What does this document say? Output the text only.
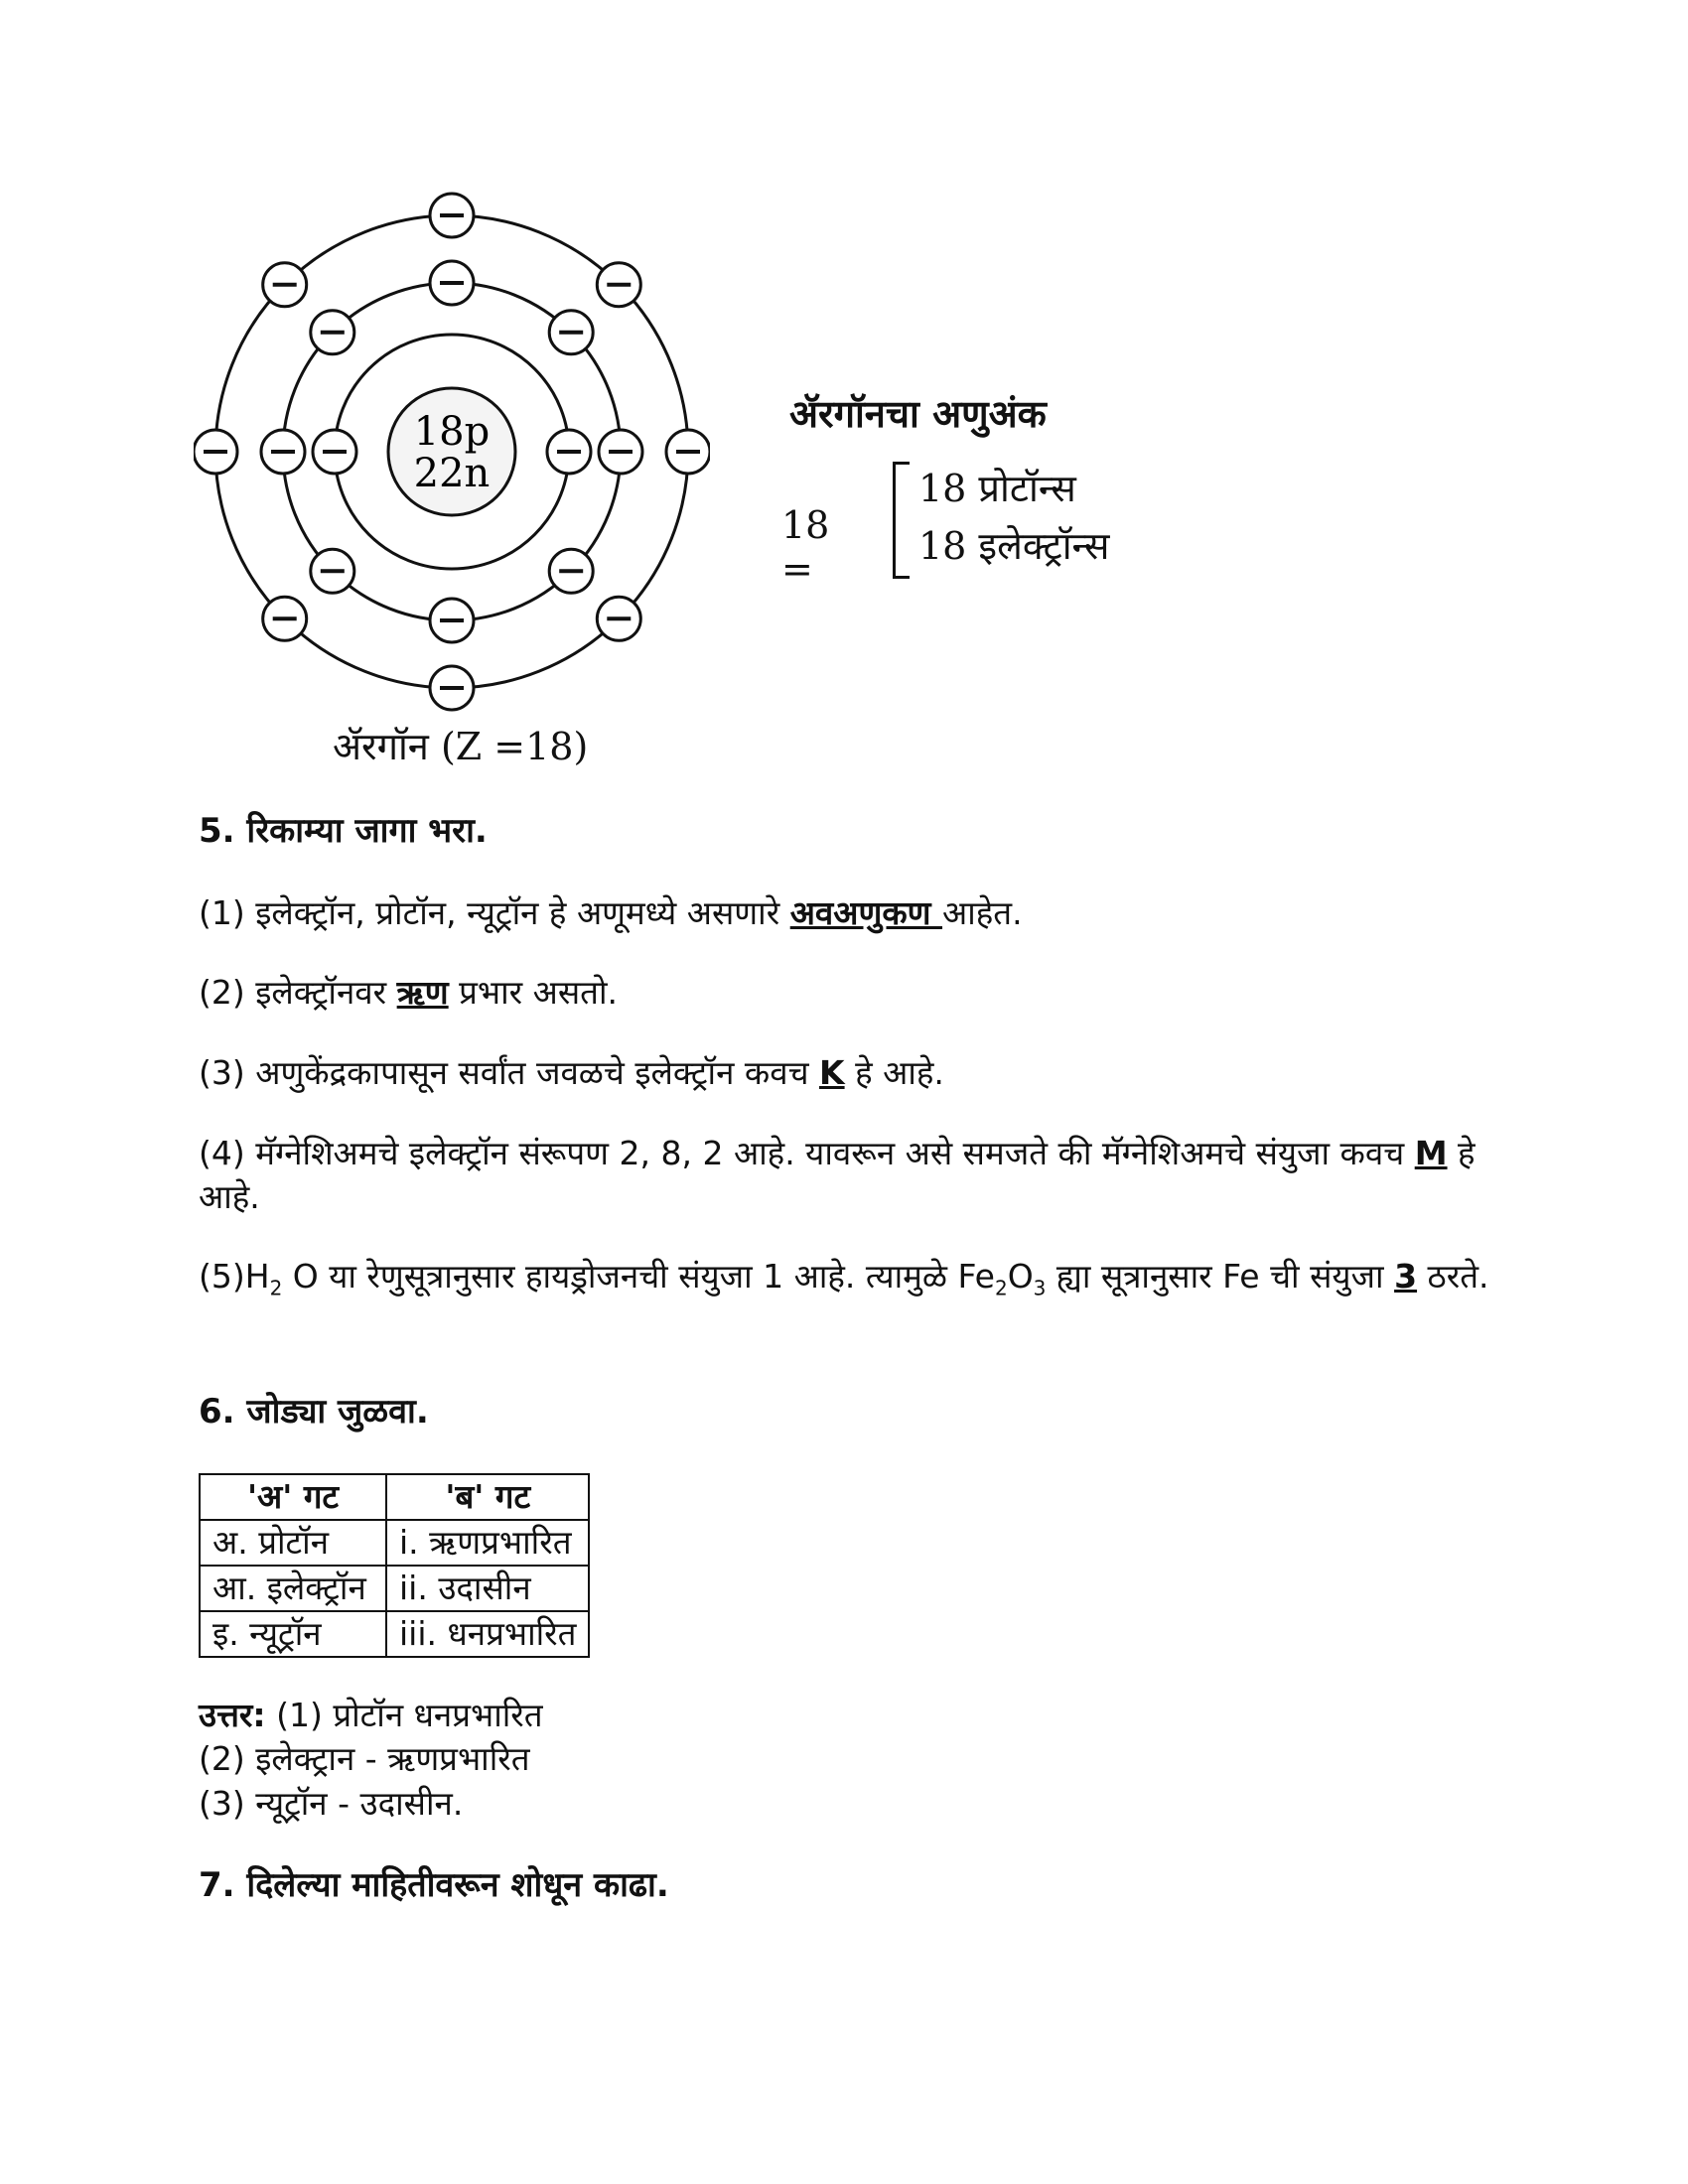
18p
22n
ॲरगॉन (Z =18)
ॲरगॉनचा अणुअंक
18 =
18 प्रोटॉन्स
18 इलेक्ट्रॉन्स
5. रिकाम्या जागा भरा.
(1) इलेक्ट्रॉन, प्रोटॉन, न्यूट्रॉन हे अणूमध्ये असणारे अवअणुकण आहेत.
(2) इलेक्ट्रॉनवर ऋण प्रभार असतो.
(3) अणुकेंद्रकापासून सर्वांत जवळचे इलेक्ट्रॉन कवच K हे आहे.
(4) मॅग्नेशिअमचे इलेक्ट्रॉन संरूपण 2, 8, 2 आहे. यावरून असे समजते की मॅग्नेशिअमचे संयुजा कवच M हे आहे.
$(5)H_2$ O या रेणुसूत्रानुसार हायड्रोजनची संयुजा 1 आहे. त्यामुळे $Fe_2O_3$ ह्या सूत्रानुसार Fe ची संयुजा 3 ठरते.
6. जोड्या जुळवा.
'अ' गट	'ब' गट
अ. प्रोटॉन	i. ऋणप्रभारित
आ. इलेक्ट्रॉन	ii. उदासीन
इ. न्यूट्रॉन	iii. धनप्रभारित
उत्तर: (1) प्रोटॉन धनप्रभारित
(2) इलेक्ट्रान - ऋणप्रभारित
(3) न्यूट्रॉन - उदासीन.
7. दिलेल्या माहितीवरून शोधून काढा.
